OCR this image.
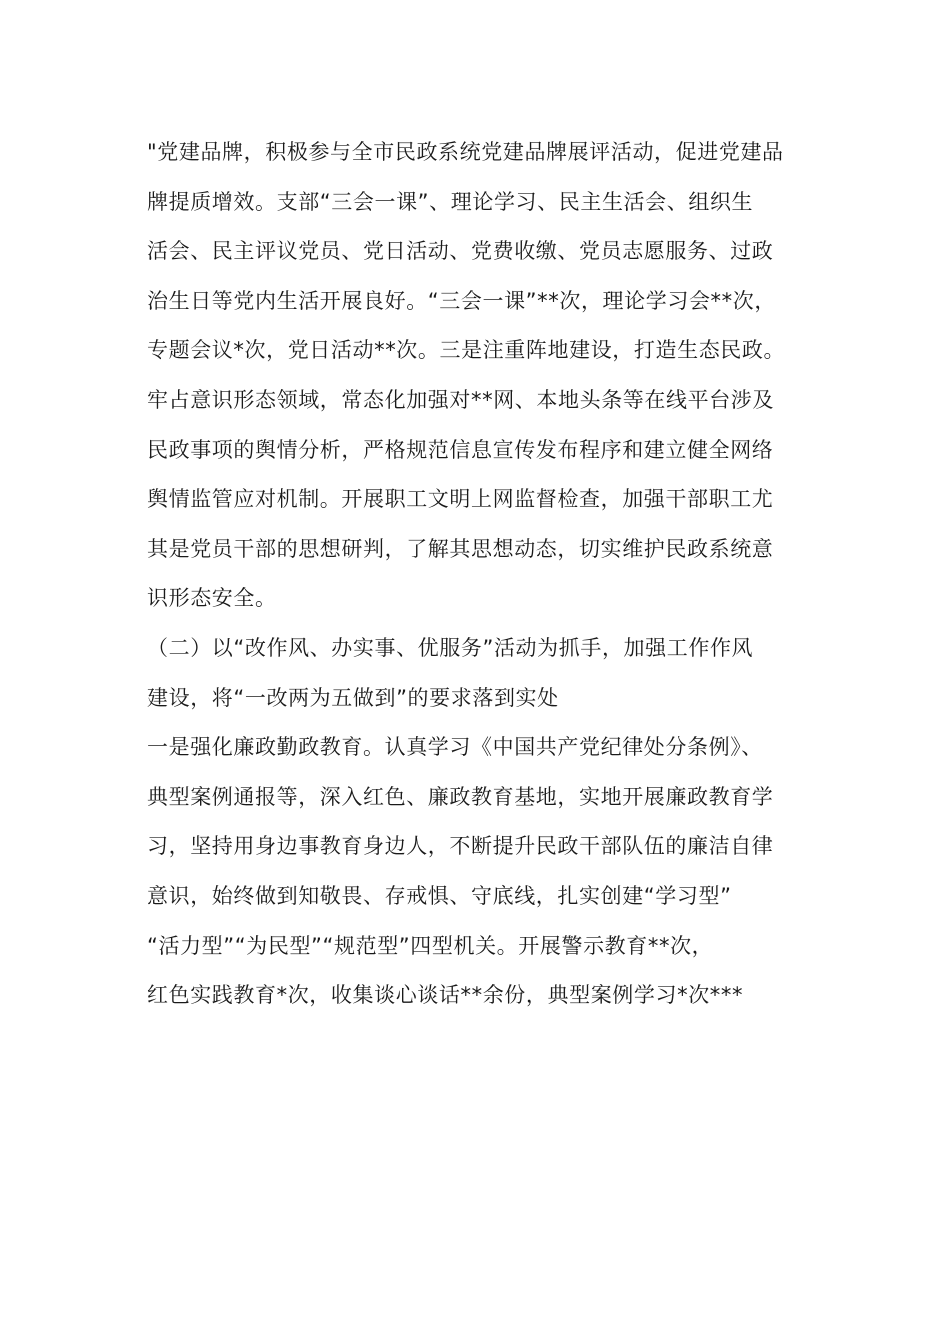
"党建品牌，积极参与全市民政系统党建品牌展评活动，促进党建品
牌提质增效。支部“三会一课”、理论学习、民主生活会、组织生
活会、民主评议党员、党日活动、党费收缴、党员志愿服务、过政
治生日等党内生活开展良好。“三会一课”**次，理论学习会**次，
专题会议*次，党日活动**次。三是注重阵地建设，打造生态民政。
牢占意识形态领域，常态化加强对**网、本地头条等在线平台涉及
民政事项的舆情分析，严格规范信息宣传发布程序和建立健全网络
舆情监管应对机制。开展职工文明上网监督检查，加强干部职工尤
其是党员干部的思想研判，了解其思想动态，切实维护民政系统意
识形态安全。
（二）以“改作风、办实事、优服务”活动为抓手，加强工作作风
建设，将“一改两为五做到”的要求落到实处
一是强化廉政勤政教育。认真学习《中国共产党纪律处分条例》、
典型案例通报等，深入红色、廉政教育基地，实地开展廉政教育学
习，坚持用身边事教育身边人，不断提升民政干部队伍的廉洁自律
意识，始终做到知敬畏、存戒惧、守底线，扎实创建“学习型”
“活力型”“为民型”“规范型”四型机关。开展警示教育**次，
红色实践教育*次，收集谈心谈话**余份，典型案例学习*次***
